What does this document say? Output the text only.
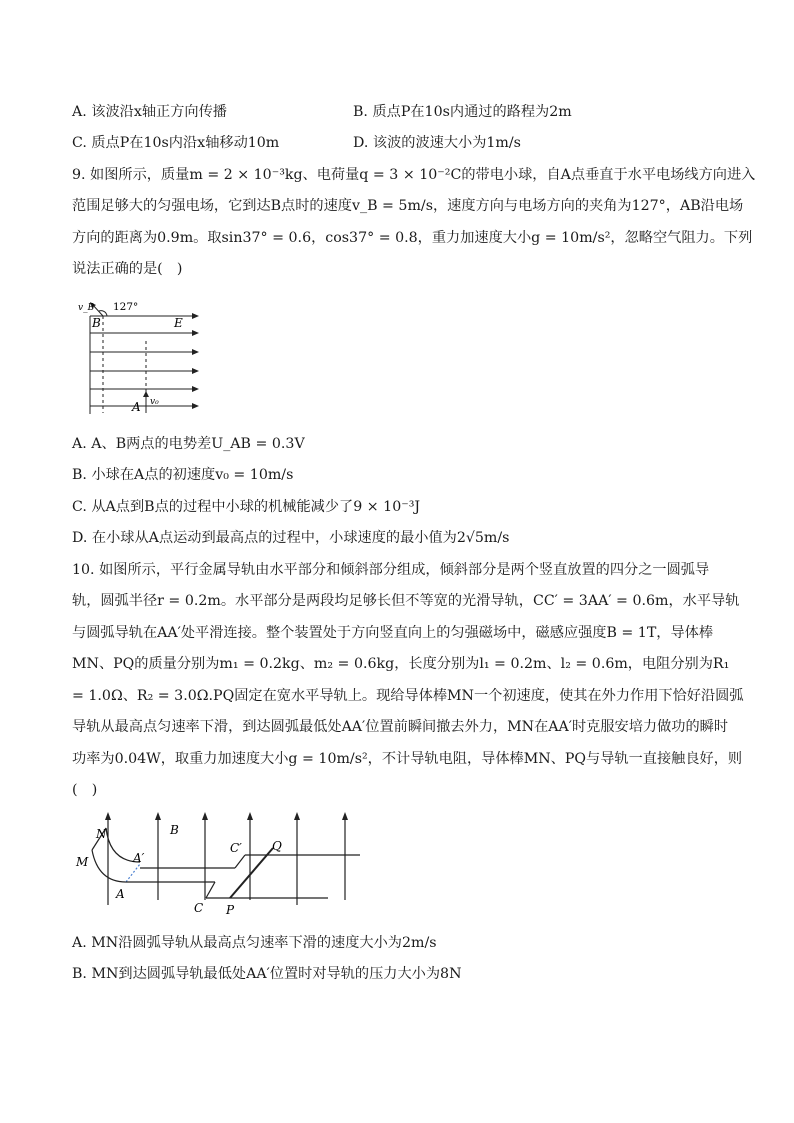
A. 该波沿x轴正方向传播	B. 质点P在10s内通过的路程为2m
C. 质点P在10s内沿x轴移动10m	D. 该波的波速大小为1m/s
9. 如图所示，质量m = 2 × 10⁻³kg、电荷量q = 3 × 10⁻²C的带电小球，自A点垂直于水平电场线方向进入
范围足够大的匀强电场，它到达B点时的速度v_B = 5m/s，速度方向与电场方向的夹角为127°，AB沿电场
方向的距离为0.9m。取sin37° = 0.6，cos37° = 0.8，重力加速度大小g = 10m/s²，忽略空气阻力。下列
说法正确的是(　)
v_B 127°
B	E
A v₀
A. A、B两点的电势差U_AB = 0.3V
B. 小球在A点的初速度v₀ = 10m/s
C. 从A点到B点的过程中小球的机械能减少了9 × 10⁻³J
D. 在小球从A点运动到最高点的过程中，小球速度的最小值为2√5m/s
10. 如图所示，平行金属导轨由水平部分和倾斜部分组成，倾斜部分是两个竖直放置的四分之一圆弧导
轨，圆弧半径r = 0.2m。水平部分是两段均足够长但不等宽的光滑导轨，CC′ = 3AA′ = 0.6m，水平导轨
与圆弧导轨在AA′处平滑连接。整个装置处于方向竖直向上的匀强磁场中，磁感应强度B = 1T，导体棒
MN、PQ的质量分别为m₁ = 0.2kg、m₂ = 0.6kg，长度分别为l₁ = 0.2m、l₂ = 0.6m，电阻分别为R₁
= 1.0Ω、R₂ = 3.0Ω.PQ固定在宽水平导轨上。现给导体棒MN一个初速度，使其在外力作用下恰好沿圆弧
导轨从最高点匀速率下滑，到达圆弧最低处AA′位置前瞬间撤去外力，MN在AA′时克服安培力做功的瞬时
功率为0.04W，取重力加速度大小g = 10m/s²，不计导轨电阻，导体棒MN、PQ与导轨一直接触良好，则
(　)
N
M	A′
A
B
C′	Q
C P
A. MN沿圆弧导轨从最高点匀速率下滑的速度大小为2m/s
B. MN到达圆弧导轨最低处AA′位置时对导轨的压力大小为8N
